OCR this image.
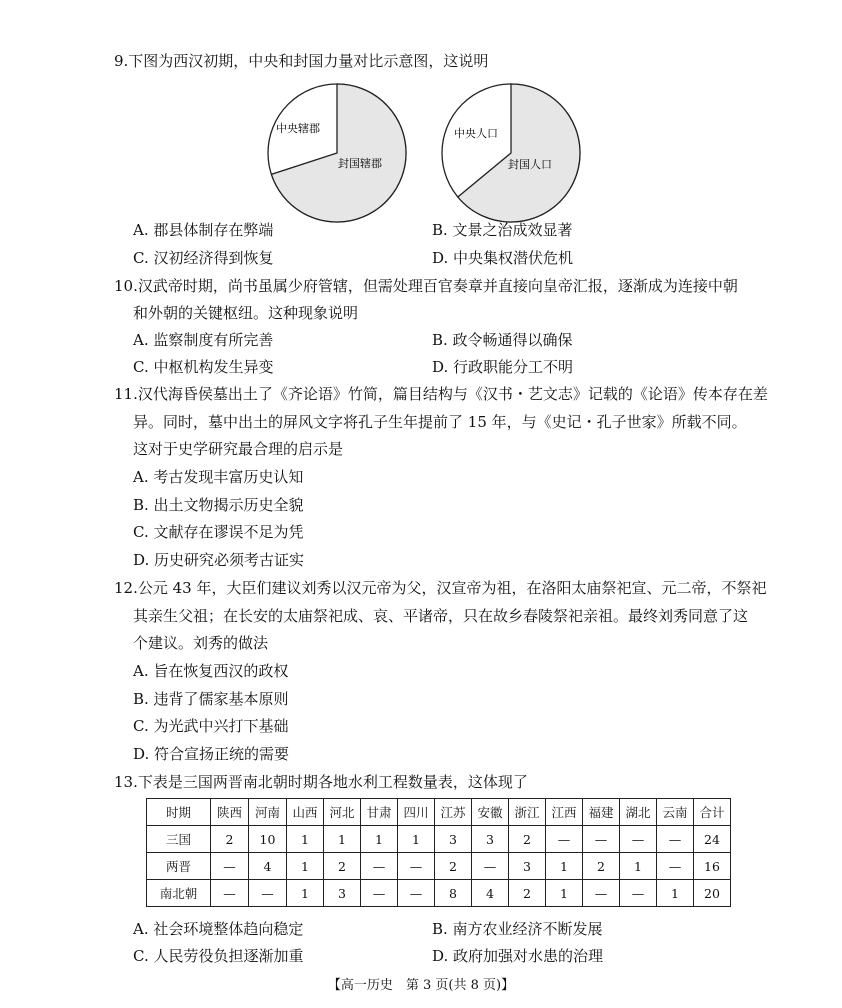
9.下图为西汉初期，中央和封国力量对比示意图，这说明
中央辖郡
封国辖郡
中央人口
封国人口
A. 郡县体制存在弊端	B. 文景之治成效显著
C. 汉初经济得到恢复	D. 中央集权潜伏危机
10.汉武帝时期，尚书虽属少府管辖，但需处理百官奏章并直接向皇帝汇报，逐渐成为连接中朝
和外朝的关键枢纽。这种现象说明
A. 监察制度有所完善	B. 政令畅通得以确保
C. 中枢机构发生异变	D. 行政职能分工不明
11.汉代海昏侯墓出土了《齐论语》竹简，篇目结构与《汉书・艺文志》记载的《论语》传本存在差
异。同时，墓中出土的屏风文字将孔子生年提前了 15 年，与《史记・孔子世家》所载不同。
这对于史学研究最合理的启示是
A. 考古发现丰富历史认知
B. 出土文物揭示历史全貌
C. 文献存在谬误不足为凭
D. 历史研究必须考古证实
12.公元 43 年，大臣们建议刘秀以汉元帝为父，汉宣帝为祖，在洛阳太庙祭祀宣、元二帝，不祭祀
其亲生父祖；在长安的太庙祭祀成、哀、平诸帝，只在故乡春陵祭祀亲祖。最终刘秀同意了这
个建议。刘秀的做法
A. 旨在恢复西汉的政权
B. 违背了儒家基本原则
C. 为光武中兴打下基础
D. 符合宣扬正统的需要
13.下表是三国两晋南北朝时期各地水利工程数量表，这体现了
时期	陕西	河南	山西	河北	甘肃	四川	江苏	安徽	浙江	江西	福建	湖北	云南	合计
三国	2	10	1	1	1	1	3	3	2	—	—	—	—	24
两晋	—	4	1	2	—	—	2	—	3	1	2	1	—	16
南北朝	—	—	1	3	—	—	8	4	2	1	—	—	1	20
A. 社会环境整体趋向稳定	B. 南方农业经济不断发展
C. 人民劳役负担逐渐加重	D. 政府加强对水患的治理
【高一历史　第 3 页(共 8 页)】
